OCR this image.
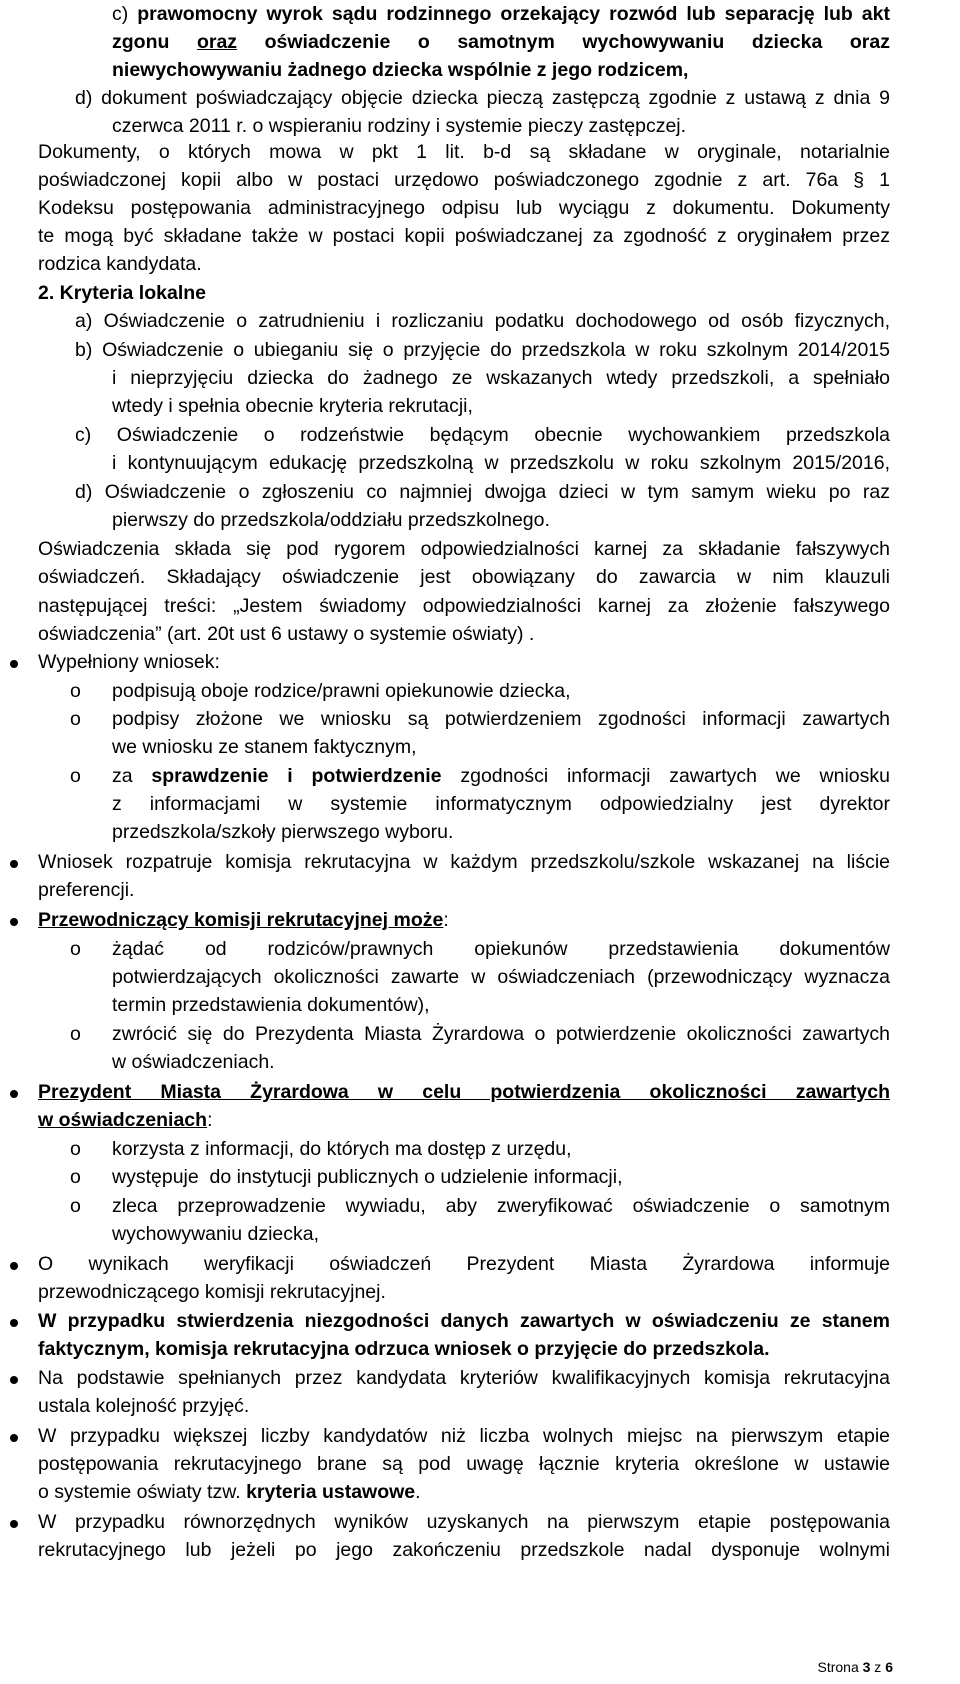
c) prawomocny wyrok sądu rodzinnego orzekający rozwód lub separację lub akt
zgonu oraz oświadczenie o samotnym wychowywaniu dziecka oraz
niewychowywaniu żadnego dziecka wspólnie z jego rodzicem,
d) dokument poświadczający objęcie dziecka pieczą zastępczą zgodnie z ustawą z dnia 9
czerwca 2011 r. o wspieraniu rodziny i systemie pieczy zastępczej.
Dokumenty, o których mowa w pkt 1 lit. b-d są składane w oryginale, notarialnie
poświadczonej kopii albo w postaci urzędowo poświadczonego zgodnie z art. 76a § 1
Kodeksu postępowania administracyjnego odpisu lub wyciągu z dokumentu. Dokumenty
te mogą być składane także w postaci kopii poświadczanej za zgodność z oryginałem przez
rodzica kandydata.
2. Kryteria lokalne
a) Oświadczenie o zatrudnieniu i rozliczaniu podatku dochodowego od osób fizycznych,
b) Oświadczenie o ubieganiu się o przyjęcie do przedszkola w roku szkolnym 2014/2015
i nieprzyjęciu dziecka do żadnego ze wskazanych wtedy przedszkoli, a spełniało
wtedy i spełnia obecnie kryteria rekrutacji,
c) Oświadczenie o rodzeństwie będącym obecnie wychowankiem przedszkola
i kontynuującym edukację przedszkolną w przedszkolu w roku szkolnym 2015/2016,
d) Oświadczenie o zgłoszeniu co najmniej dwojga dzieci w tym samym wieku po raz
pierwszy do przedszkola/oddziału przedszkolnego.
Oświadczenia składa się pod rygorem odpowiedzialności karnej za składanie fałszywych
oświadczeń. Składający oświadczenie jest obowiązany do zawarcia w nim klauzuli
następującej treści: „Jestem świadomy odpowiedzialności karnej za złożenie fałszywego
oświadczenia” (art. 20t ust 6 ustawy o systemie oświaty) .
Wypełniony wniosek:
o podpisują oboje rodzice/prawni opiekunowie dziecka,
o podpisy złożone we wniosku są potwierdzeniem zgodności informacji zawartych
we wniosku ze stanem faktycznym,
o za sprawdzenie i potwierdzenie zgodności informacji zawartych we wniosku
z informacjami w systemie informatycznym odpowiedzialny jest dyrektor
przedszkola/szkoły pierwszego wyboru.
Wniosek rozpatruje komisja rekrutacyjna w każdym przedszkolu/szkole wskazanej na liście
preferencji.
Przewodniczący komisji rekrutacyjnej może:
o żądać od rodziców/prawnych opiekunów przedstawienia dokumentów
potwierdzających okoliczności zawarte w oświadczeniach (przewodniczący wyznacza
termin przedstawienia dokumentów),
o zwrócić się do Prezydenta Miasta Żyrardowa o potwierdzenie okoliczności zawartych
w oświadczeniach.
Prezydent Miasta Żyrardowa w celu potwierdzenia okoliczności zawartych
w oświadczeniach:
o korzysta z informacji, do których ma dostęp z urzędu,
o występuje  do instytucji publicznych o udzielenie informacji,
o zleca przeprowadzenie wywiadu, aby zweryfikować oświadczenie o samotnym
wychowywaniu dziecka,
O wynikach weryfikacji oświadczeń Prezydent Miasta Żyrardowa informuje
przewodniczącego komisji rekrutacyjnej.
W przypadku stwierdzenia niezgodności danych zawartych w oświadczeniu ze stanem
faktycznym, komisja rekrutacyjna odrzuca wniosek o przyjęcie do przedszkola.
Na podstawie spełnianych przez kandydata kryteriów kwalifikacyjnych komisja rekrutacyjna
ustala kolejność przyjęć.
W przypadku większej liczby kandydatów niż liczba wolnych miejsc na pierwszym etapie
postępowania rekrutacyjnego brane są pod uwagę łącznie kryteria określone w ustawie
o systemie oświaty tzw. kryteria ustawowe.
W przypadku równorzędnych wyników uzyskanych na pierwszym etapie postępowania
rekrutacyjnego lub jeżeli po jego zakończeniu przedszkole nadal dysponuje wolnymi
Strona 3 z 6
